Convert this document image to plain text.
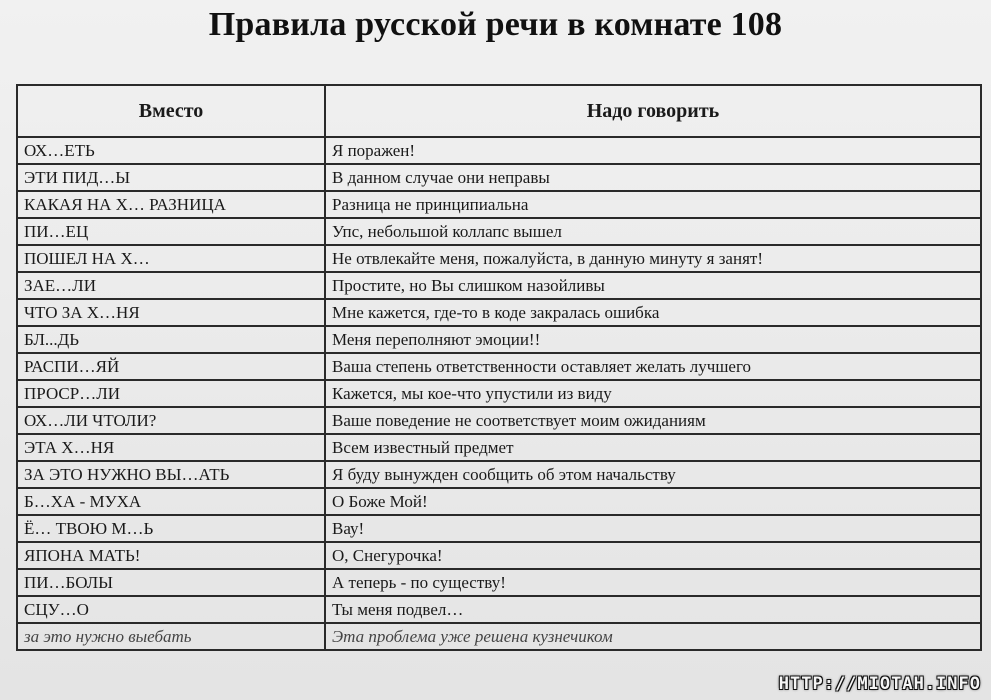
Правила русской речи в комнате 108
Вместо	Надо говорить
ОХ…ЕТЬ	Я поражен!
ЭТИ ПИД…Ы	В данном случае они неправы
КАКАЯ НА Х… РАЗНИЦА	Разница не принципиальна
ПИ…ЕЦ	Упс, небольшой коллапс вышел
ПОШЕЛ НА Х…	Не отвлекайте меня, пожалуйста, в данную минуту я занят!
ЗАЕ…ЛИ	Простите, но Вы слишком назойливы
ЧТО ЗА Х…НЯ	Мне кажется, где-то в коде закралась ошибка
БЛ...ДЬ	Меня переполняют эмоции!!
РАСПИ…ЯЙ	Ваша степень ответственности оставляет желать лучшего
ПРОСР…ЛИ	Кажется, мы кое-что упустили из виду
ОХ…ЛИ ЧТОЛИ?	Ваше поведение не соответствует моим ожиданиям
ЭТА Х…НЯ	Всем известный предмет
ЗА ЭТО НУЖНО ВЫ…АТЬ	Я буду вынужден сообщить об этом начальству
Б…ХА - МУХА	О Боже Мой!
Ё… ТВОЮ М…Ь	Вау!
ЯПОНА МАТЬ!	О, Снегурочка!
ПИ…БОЛЫ	А теперь - по существу!
СЦУ…О	Ты меня подвел…
за это нужно выебать	Эта проблема уже решена кузнечиком
HTTP://MIOTAH.INFO
